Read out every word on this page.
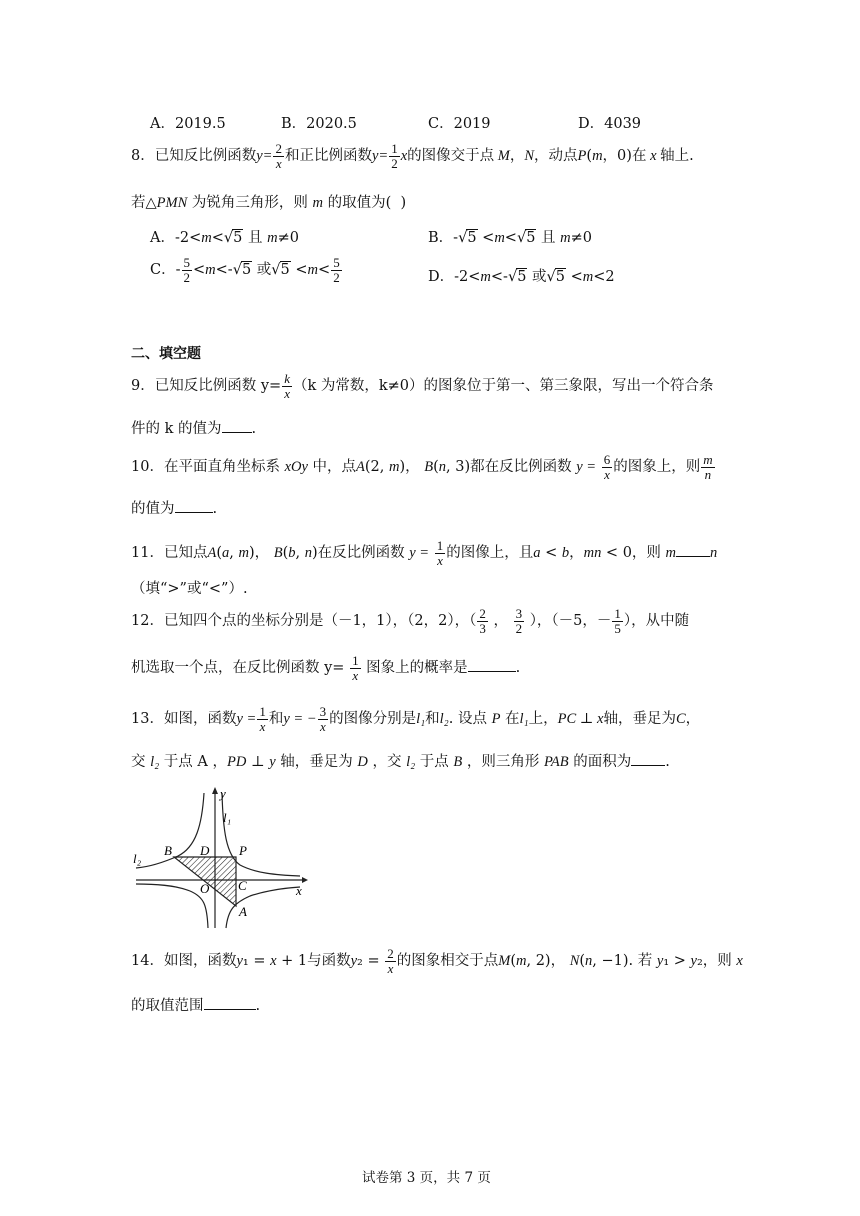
A．2019.5	B．2020.5	C．2019	D．4039
8．已知反比例函数$y= \frac{2}{x}$ 和正比例函数$y= \frac{1}{2}$ x的图像交于点 M，N，动点P(m，0)在 x 轴上.
若△PMN 为锐角三角形，则 m 的取值为(  )
A．-2<m<√5 且 m≠0	B．-√5 <m<√5 且 m≠0
C．- $\frac{5}{2} <m<-√5$ 或$√5 <m< \frac{5}{2}$	D．-2<m<-√5 或√5 <m<2
二、填空题
9．已知反比例函数 $y= \frac{k}{x} (k$ 为常数，k≠0）的图象位于第一、第三象限，写出一个符合条
件的 k 的值为 .
10．在平面直角坐标系 xOy 中，点A(2, m)， B(n, 3)都在反比例函数 $y = \frac{6}{x}$ 的图象上，则 $\frac{m}{n}$
的值为	.
11．已知点A(a, m)， B(b, n)在反比例函数 $y = \frac{1}{x}$ 的图像上，且a < b，mn < 0，则 m n
（填“>”或“<”）.
12．已知四个点的坐标分别是（－1，1），（2，2），（ $\frac{2}{3}$ ， $\frac{3}{2}$ ），（－5，－ $\frac{1}{5}$ ），从中随
机选取一个点，在反比例函数 $y= \frac{1}{x}$ 图象上的概率是	.
13．如图，函数$y = \frac{1}{x}$ 和y = − $\frac{3}{x}$ 的图像分别是l₁和l₂. 设点 P 在l₁上，PC ⊥ x轴，垂足为C，
交 l₂ 于点 A ，PD ⊥ y 轴，垂足为 D ，交 l₂ 于点 B ，则三角形 PAB 的面积为 .
y
x
l₁
l₂
B D P
O C
A
14．如图，函数y₁ = x + 1与函数$y_2 = \frac{2}{x}$ 的图象相交于点M(m, 2)， N(n, −1). 若 y₁ > y₂，则 x
的取值范围	.
试卷第 3 页，共 7 页
